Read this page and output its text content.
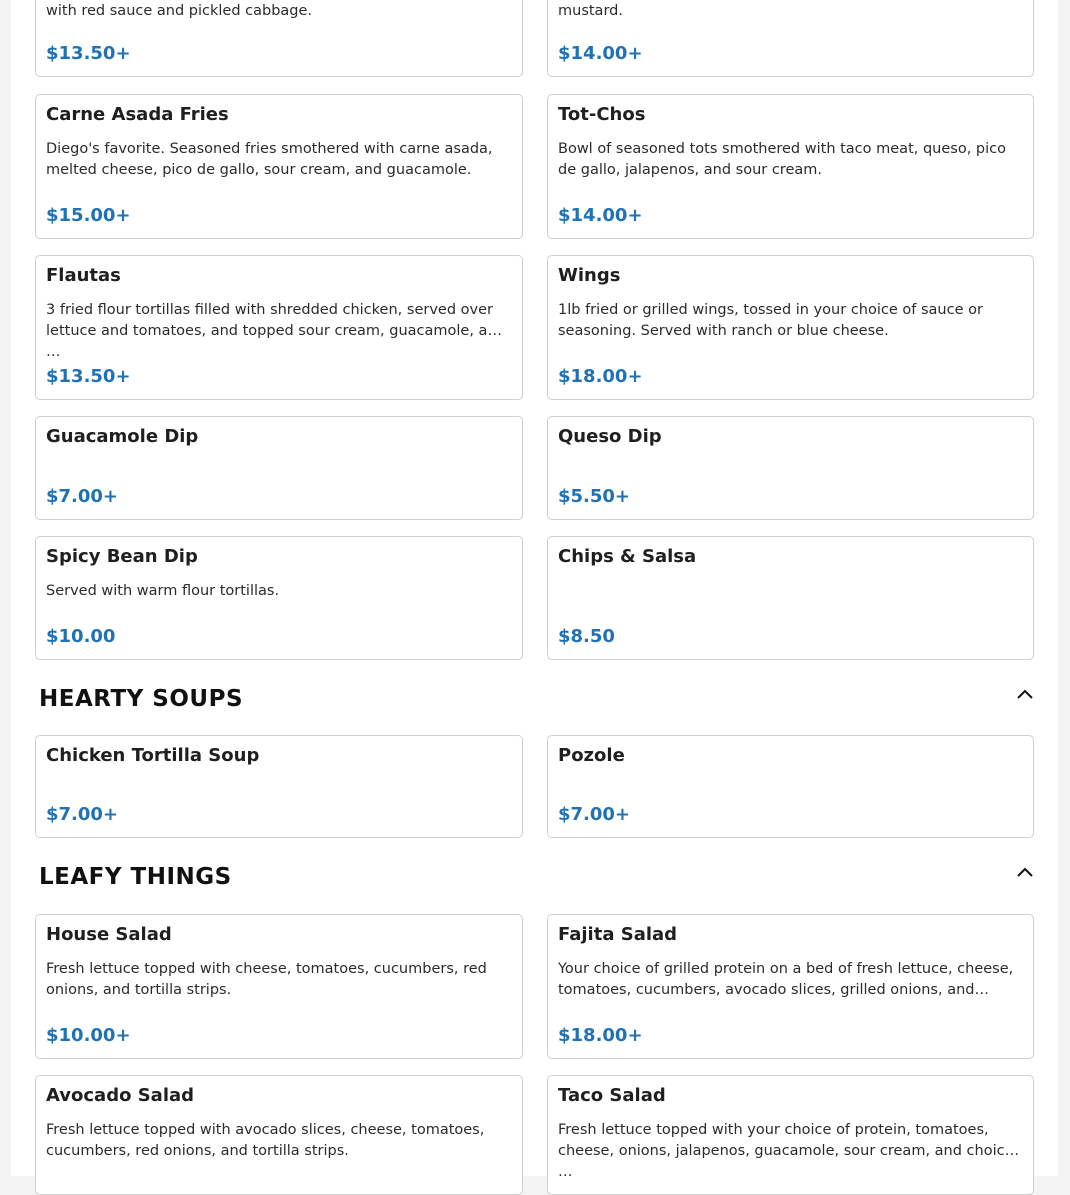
with red sauce and pickled cabbage.
$13.50+
mustard.
$14.00+
Carne Asada Fries
Diego's favorite. Seasoned fries smothered with carne asada, melted cheese, pico de gallo, sour cream, and guacamole.
$15.00+
Tot-Chos
Bowl of seasoned tots smothered with taco meat, queso, pico de gallo, jalapenos, and sour cream.
$14.00+
Flautas
3 fried flour tortillas filled with shredded chicken, served over lettuce and tomatoes, and topped sour cream, guacamole, and …
$13.50+
Wings
1lb fried or grilled wings, tossed in your choice of sauce or seasoning. Served with ranch or blue cheese.
$18.00+
Guacamole Dip
$7.00+
Queso Dip
$5.50+
Spicy Bean Dip
Served with warm flour tortillas.
$10.00
Chips & Salsa
$8.50
HEARTY SOUPS
Chicken Tortilla Soup
$7.00+
Pozole
$7.00+
LEAFY THINGS
House Salad
Fresh lettuce topped with cheese, tomatoes, cucumbers, red onions, and tortilla strips.
$10.00+
Fajita Salad
Your choice of grilled protein on a bed of fresh lettuce, cheese, tomatoes, cucumbers, avocado slices, grilled onions, and…
$18.00+
Avocado Salad
Fresh lettuce topped with avocado slices, cheese, tomatoes, cucumbers, red onions, and tortilla strips.
Taco Salad
Fresh lettuce topped with your choice of protein, tomatoes, cheese, onions, jalapenos, guacamole, sour cream, and choice …
